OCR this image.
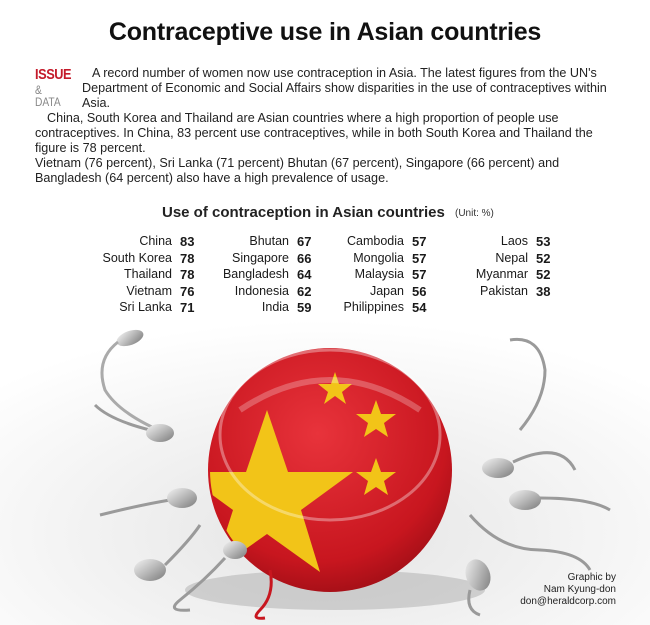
Contraceptive use in Asian countries
ISSUE
& DATA

A record number of women now use contraception in Asia. The latest figures from the UN's Department of Economic and Social Affairs show disparities in the use of contraceptives within Asia.

China, South Korea and Thailand are Asian countries where a high proportion of people use contraceptives. In China, 83 percent use contraceptives, while in both South Korea and Thailand the figure is 78 percent.

Vietnam (76 percent), Sri Lanka (71 percent) Bhutan (67 percent), Singapore (66 percent) and Bangladesh (64 percent) also have a high prevalence of usage.

Use of contraception in Asian countries (Unit: %)
China 83
South Korea 78
Thailand 78
Vietnam 76
Sri Lanka 71
Bhutan 67
Singapore 66
Bangladesh 64
Indonesia 62
India 59
Cambodia 57
Mongolia 57
Malaysia 57
Japan 56
Philippines 54
Laos 53
Nepal 52
Myanmar 52
Pakistan 38
Graphic by
Nam Kyung-don
don@heraldcorp.com
